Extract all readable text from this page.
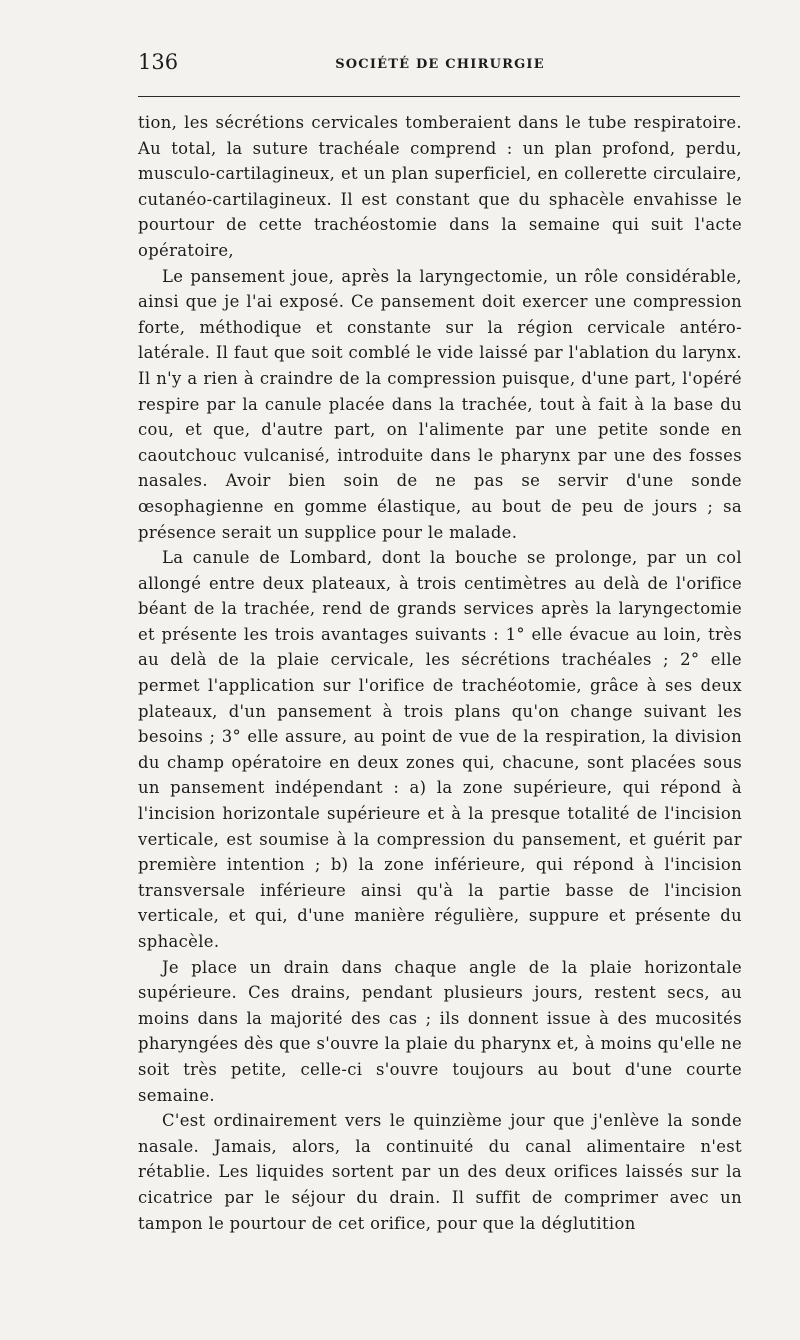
136	SOCIÉTÉ DE CHIRURGIE

tion, les sécrétions cervicales tomberaient dans le tube respiratoire. Au total, la suture trachéale comprend : un plan profond, perdu, musculo-cartilagineux, et un plan superficiel, en collerette circulaire, cutanéo-cartilagineux. Il est constant que du sphacèle envahisse le pourtour de cette trachéostomie dans la semaine qui suit l'acte opératoire,

Le pansement joue, après la laryngectomie, un rôle considérable, ainsi que je l'ai exposé. Ce pansement doit exercer une compression forte, méthodique et constante sur la région cervicale antéro-latérale. Il faut que soit comblé le vide laissé par l'ablation du larynx. Il n'y a rien à craindre de la compression puisque, d'une part, l'opéré respire par la canule placée dans la trachée, tout à fait à la base du cou, et que, d'autre part, on l'alimente par une petite sonde en caoutchouc vulcanisé, introduite dans le pharynx par une des fosses nasales. Avoir bien soin de ne pas se servir d'une sonde œsophagienne en gomme élastique, au bout de peu de jours ; sa présence serait un supplice pour le malade.

La canule de Lombard, dont la bouche se prolonge, par un col allongé entre deux plateaux, à trois centimètres au delà de l'orifice béant de la trachée, rend de grands services après la laryngectomie et présente les trois avantages suivants : 1° elle évacue au loin, très au delà de la plaie cervicale, les sécrétions trachéales ; 2° elle permet l'application sur l'orifice de trachéotomie, grâce à ses deux plateaux, d'un pansement à trois plans qu'on change suivant les besoins ; 3° elle assure, au point de vue de la respiration, la division du champ opératoire en deux zones qui, chacune, sont placées sous un pansement indépendant : a) la zone supérieure, qui répond à l'incision horizontale supérieure et à la presque totalité de l'incision verticale, est soumise à la compression du pansement, et guérit par première intention ; b) la zone inférieure, qui répond à l'incision transversale inférieure ainsi qu'à la partie basse de l'incision verticale, et qui, d'une manière régulière, suppure et présente du sphacèle.

Je place un drain dans chaque angle de la plaie horizontale supérieure. Ces drains, pendant plusieurs jours, restent secs, au moins dans la majorité des cas ; ils donnent issue à des mucosités pharyngées dès que s'ouvre la plaie du pharynx et, à moins qu'elle ne soit très petite, celle-ci s'ouvre toujours au bout d'une courte semaine.

C'est ordinairement vers le quinzième jour que j'enlève la sonde nasale. Jamais, alors, la continuité du canal alimentaire n'est rétablie. Les liquides sortent par un des deux orifices laissés sur la cicatrice par le séjour du drain. Il suffit de comprimer avec un tampon le pourtour de cet orifice, pour que la déglutition
